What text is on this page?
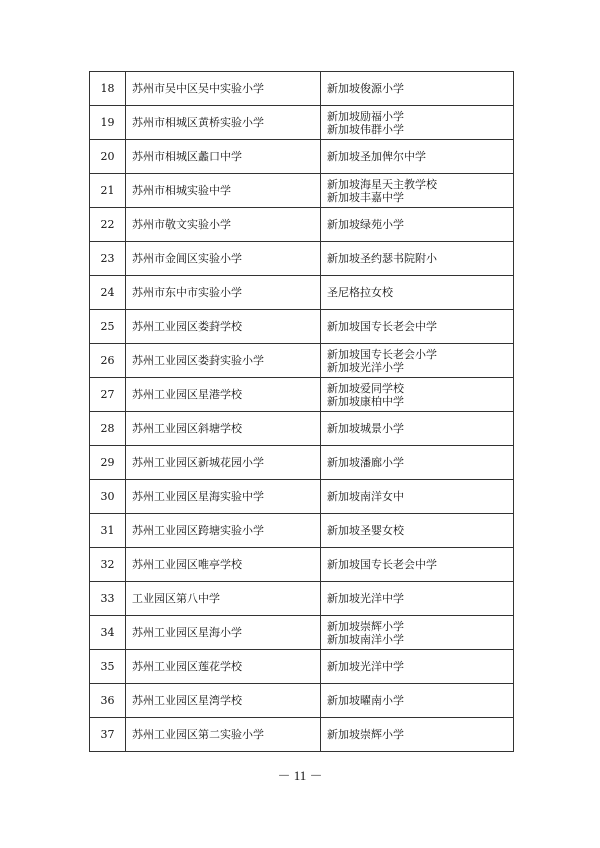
18	苏州市吴中区吴中实验小学	新加坡俊源小学

19	苏州市相城区黄桥实验小学	新加坡励福小学
新加坡伟群小学

20	苏州市相城区蠡口中学	新加坡圣加俾尔中学

21	苏州市相城实验中学	新加坡海星天主教学校
新加坡丰嘉中学

22	苏州市敬文实验小学	新加坡绿苑小学

23	苏州市金阊区实验小学	新加坡圣约瑟书院附小

24	苏州市东中市实验小学	圣尼格拉女校

25	苏州工业园区娄葑学校	新加坡国专长老会中学

26	苏州工业园区娄葑实验小学	新加坡国专长老会小学
新加坡光洋小学

27	苏州工业园区星港学校	新加坡爱同学校
新加坡康柏中学

28	苏州工业园区斜塘学校	新加坡城景小学

29	苏州工业园区新城花园小学	新加坡潘廊小学

30	苏州工业园区星海实验中学	新加坡南洋女中

31	苏州工业园区跨塘实验小学	新加坡圣婴女校

32	苏州工业园区唯亭学校	新加坡国专长老会中学

33	工业园区第八中学	新加坡光洋中学

34	苏州工业园区星海小学	新加坡崇辉小学
新加坡南洋小学

35	苏州工业园区莲花学校	新加坡光洋中学

36	苏州工业园区星湾学校	新加坡曜南小学

37	苏州工业园区第二实验小学	新加坡崇辉小学
－ 11 －
